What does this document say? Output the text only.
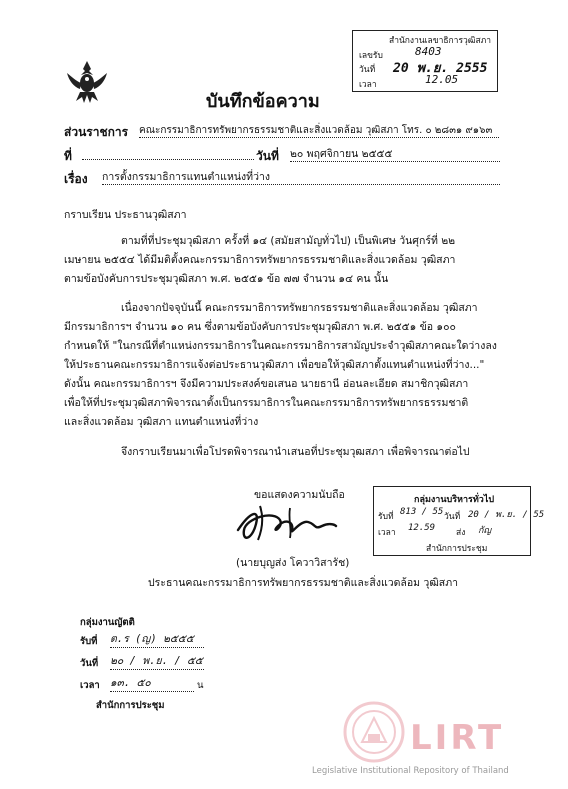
สำนักงานเลขาธิการวุฒิสภา
เลขรับ	8403
วันที่ 20 พ.ย. 2555
เวลา	12.05
บันทึกข้อความ
ส่วนราชการ คณะกรรมาธิการทรัพยากรธรรมชาติและสิ่งแวดล้อม วุฒิสภา โทร. ๐ ๒๘๓๑ ๙๑๖๓
ที่	วันที่ ๒๐ พฤศจิกายน ๒๕๕๕
เรื่อง การตั้งกรรมาธิการแทนตำแหน่งที่ว่าง
กราบเรียน ประธานวุฒิสภา
ตามที่ที่ประชุมวุฒิสภา ครั้งที่ ๑๔ (สมัยสามัญทั่วไป) เป็นพิเศษ วันศุกร์ที่ ๒๒
เมษายน ๒๕๕๔ ได้มีมติตั้งคณะกรรมาธิการทรัพยากรธรรมชาติและสิ่งแวดล้อม วุฒิสภา
ตามข้อบังคับการประชุมวุฒิสภา พ.ศ. ๒๕๕๑ ข้อ ๗๗ จำนวน ๑๔ คน นั้น
เนื่องจากปัจจุบันนี้ คณะกรรมาธิการทรัพยากรธรรมชาติและสิ่งแวดล้อม วุฒิสภา
มีกรรมาธิการฯ จำนวน ๑๐ คน ซึ่งตามข้อบังคับการประชุมวุฒิสภา พ.ศ. ๒๕๕๑ ข้อ ๑๐๐
กำหนดให้ "ในกรณีที่ตำแหน่งกรรมาธิการในคณะกรรมาธิการสามัญประจำวุฒิสภาคณะใดว่างลง
ให้ประธานคณะกรรมาธิการแจ้งต่อประธานวุฒิสภา เพื่อขอให้วุฒิสภาตั้งแทนตำแหน่งที่ว่าง..."
ดังนั้น คณะกรรมาธิการฯ จึงมีความประสงค์ขอเสนอ นายธานี อ่อนละเอียด สมาชิกวุฒิสภา
เพื่อให้ที่ประชุมวุฒิสภาพิจารณาตั้งเป็นกรรมาธิการในคณะกรรมาธิการทรัพยากรธรรมชาติ
และสิ่งแวดล้อม วุฒิสภา แทนตำแหน่งที่ว่าง
จึงกราบเรียนมาเพื่อโปรดพิจารณานำเสนอที่ประชุมวุฒสภา เพื่อพิจารณาต่อไป
ขอแสดงความนับถือ
(นายบุญส่ง โควาวิสารัช)
ประธานคณะกรรมาธิการทรัพยากรธรรมชาติและสิ่งแวดล้อม วุฒิสภา
กลุ่มงานบริหารทั่วไป
รับที่ 813 / 55 วันที่ 20 / พ.ย. / 55
เวลา 12.59 ส่ง กัญ
สำนักการประชุม
กลุ่มงานญัตติ
รับที่ ต.ร (ญ) ๒๕๕๕
วันที่ ๒๐ / พ.ย. / ๕๕
เวลา ๑๓. ๕๐	น
สำนักการประชุม
LIRT
Legislative Institutional Repository of Thailand
